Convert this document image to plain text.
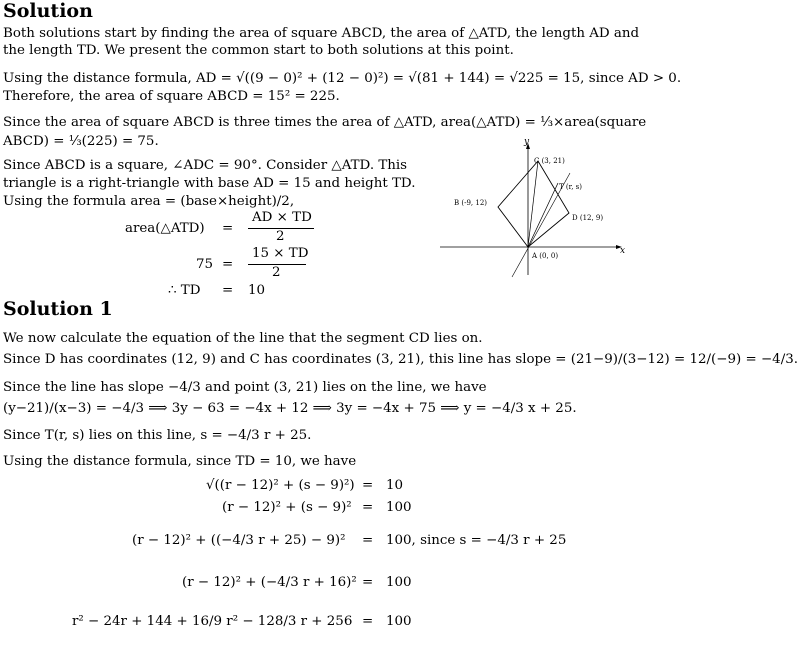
Solution
Both solutions start by finding the area of square ABCD, the area of △ATD, the length AD and the length TD. We present the common start to both solutions at this point.
Using the distance formula, AD = √((9 − 0)² + (12 − 0)²) = √(81 + 144) = √225 = 15, since AD > 0.
Therefore, the area of square ABCD = 15² = 225.
Since the area of square ABCD is three times the area of △ATD, area(△ATD) = ⅓×area(square
ABCD) = ⅓(225) = 75.
Since ABCD is a square, ∠ADC = 90°. Consider △ATD. This
triangle is a right-triangle with base AD = 15 and height TD.
Using the formula area = (base×height)/2,
area(△ATD) =
AD × TD
2
75 =
15 × TD
2
∴ TD = 10
x
y
A (0, 0)
B (-9, 12)
C (3, 21)
D (12, 9)
T (r, s)
Solution 1
We now calculate the equation of the line that the segment CD lies on.
Since D has coordinates (12, 9) and C has coordinates (3, 21), this line has slope = (21−9)/(3−12) = 12/(−9) = −4/3.
Since the line has slope −4/3 and point (3, 21) lies on the line, we have
(y−21)/(x−3) = −4/3 ⟹ 3y − 63 = −4x + 12 ⟹ 3y = −4x + 75 ⟹ y = −4/3 x + 25.
Since T(r, s) lies on this line, s = −4/3 r + 25.
Using the distance formula, since TD = 10, we have
√((r − 12)² + (s − 9)²) = 10
(r − 12)² + (s − 9)² = 100
(r − 12)² + ((−4/3 r + 25) − 9)² = 100, since s = −4/3 r + 25
(r − 12)² + (−4/3 r + 16)² = 100
r² − 24r + 144 + 16/9 r² − 128/3 r + 256 = 100
